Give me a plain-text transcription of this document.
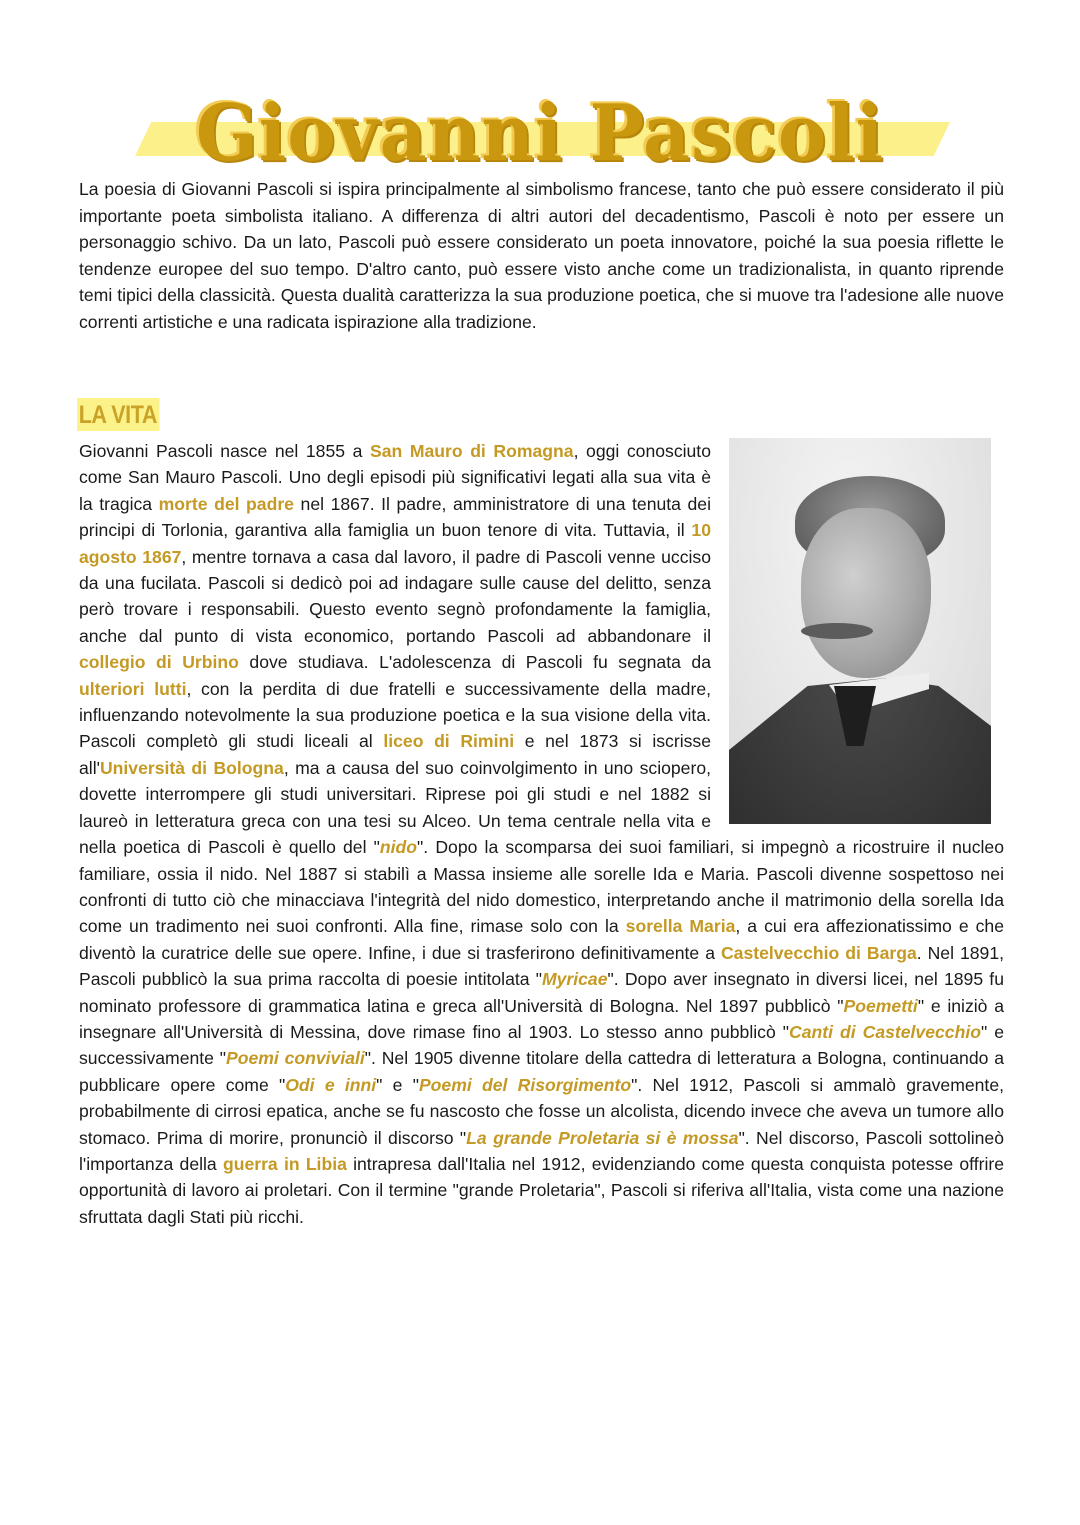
Giovanni Pascoli

La poesia di Giovanni Pascoli si ispira principalmente al simbolismo francese, tanto che può essere considerato il più importante poeta simbolista italiano. A differenza di altri autori del decadentismo, Pascoli è noto per essere un personaggio schivo. Da un lato, Pascoli può essere considerato un poeta innovatore, poiché la sua poesia riflette le tendenze europee del suo tempo. D'altro canto, può essere visto anche come un tradizionalista, in quanto riprende temi tipici della classicità. Questa dualità caratterizza la sua produzione poetica, che si muove tra l'adesione alle nuove correnti artistiche e una radicata ispirazione alla tradizione.

LA VITA

Giovanni Pascoli nasce nel 1855 a San Mauro di Romagna, oggi conosciuto come San Mauro Pascoli. Uno degli episodi più significativi legati alla sua vita è la tragica morte del padre nel 1867. Il padre, amministratore di una tenuta dei principi di Torlonia, garantiva alla famiglia un buon tenore di vita. Tuttavia, il 10 agosto 1867, mentre tornava a casa dal lavoro, il padre di Pascoli venne ucciso da una fucilata. Pascoli si dedicò poi ad indagare sulle cause del delitto, senza però trovare i responsabili. Questo evento segnò profondamente la famiglia, anche dal punto di vista economico, portando Pascoli ad abbandonare il collegio di Urbino dove studiava. L'adolescenza di Pascoli fu segnata da ulteriori lutti, con la perdita di due fratelli e successivamente della madre, influenzando notevolmente la sua produzione poetica e la sua visione della vita. Pascoli completò gli studi liceali al liceo di Rimini e nel 1873 si iscrisse all'Università di Bologna, ma a causa del suo coinvolgimento in uno sciopero, dovette interrompere gli studi universitari. Riprese poi gli studi e nel 1882 si laureò in letteratura greca con una tesi su Alceo. Un tema centrale nella vita e nella poetica di Pascoli è quello del "nido". Dopo la scomparsa dei suoi familiari, si impegnò a ricostruire il nucleo familiare, ossia il nido. Nel 1887 si stabilì a Massa insieme alle sorelle Ida e Maria. Pascoli divenne sospettoso nei confronti di tutto ciò che minacciava l'integrità del nido domestico, interpretando anche il matrimonio della sorella Ida come un tradimento nei suoi confronti. Alla fine, rimase solo con la sorella Maria, a cui era affezionatissimo e che diventò la curatrice delle sue opere. Infine, i due si trasferirono definitivamente a Castelvecchio di Barga. Nel 1891, Pascoli pubblicò la sua prima raccolta di poesie intitolata "Myricae". Dopo aver insegnato in diversi licei, nel 1895 fu nominato professore di grammatica latina e greca all'Università di Bologna. Nel 1897 pubblicò "Poemetti" e iniziò a insegnare all'Università di Messina, dove rimase fino al 1903. Lo stesso anno pubblicò "Canti di Castelvecchio" e successivamente "Poemi conviviali". Nel 1905 divenne titolare della cattedra di letteratura a Bologna, continuando a pubblicare opere come "Odi e inni" e "Poemi del Risorgimento". Nel 1912, Pascoli si ammalò gravemente, probabilmente di cirrosi epatica, anche se fu nascosto che fosse un alcolista, dicendo invece che aveva un tumore allo stomaco. Prima di morire, pronunciò il discorso "La grande Proletaria si è mossa". Nel discorso, Pascoli sottolineò l'importanza della guerra in Libia intrapresa dall'Italia nel 1912, evidenziando come questa conquista potesse offrire opportunità di lavoro ai proletari. Con il termine "grande Proletaria", Pascoli si riferiva all'Italia, vista come una nazione sfruttata dagli Stati più ricchi.
